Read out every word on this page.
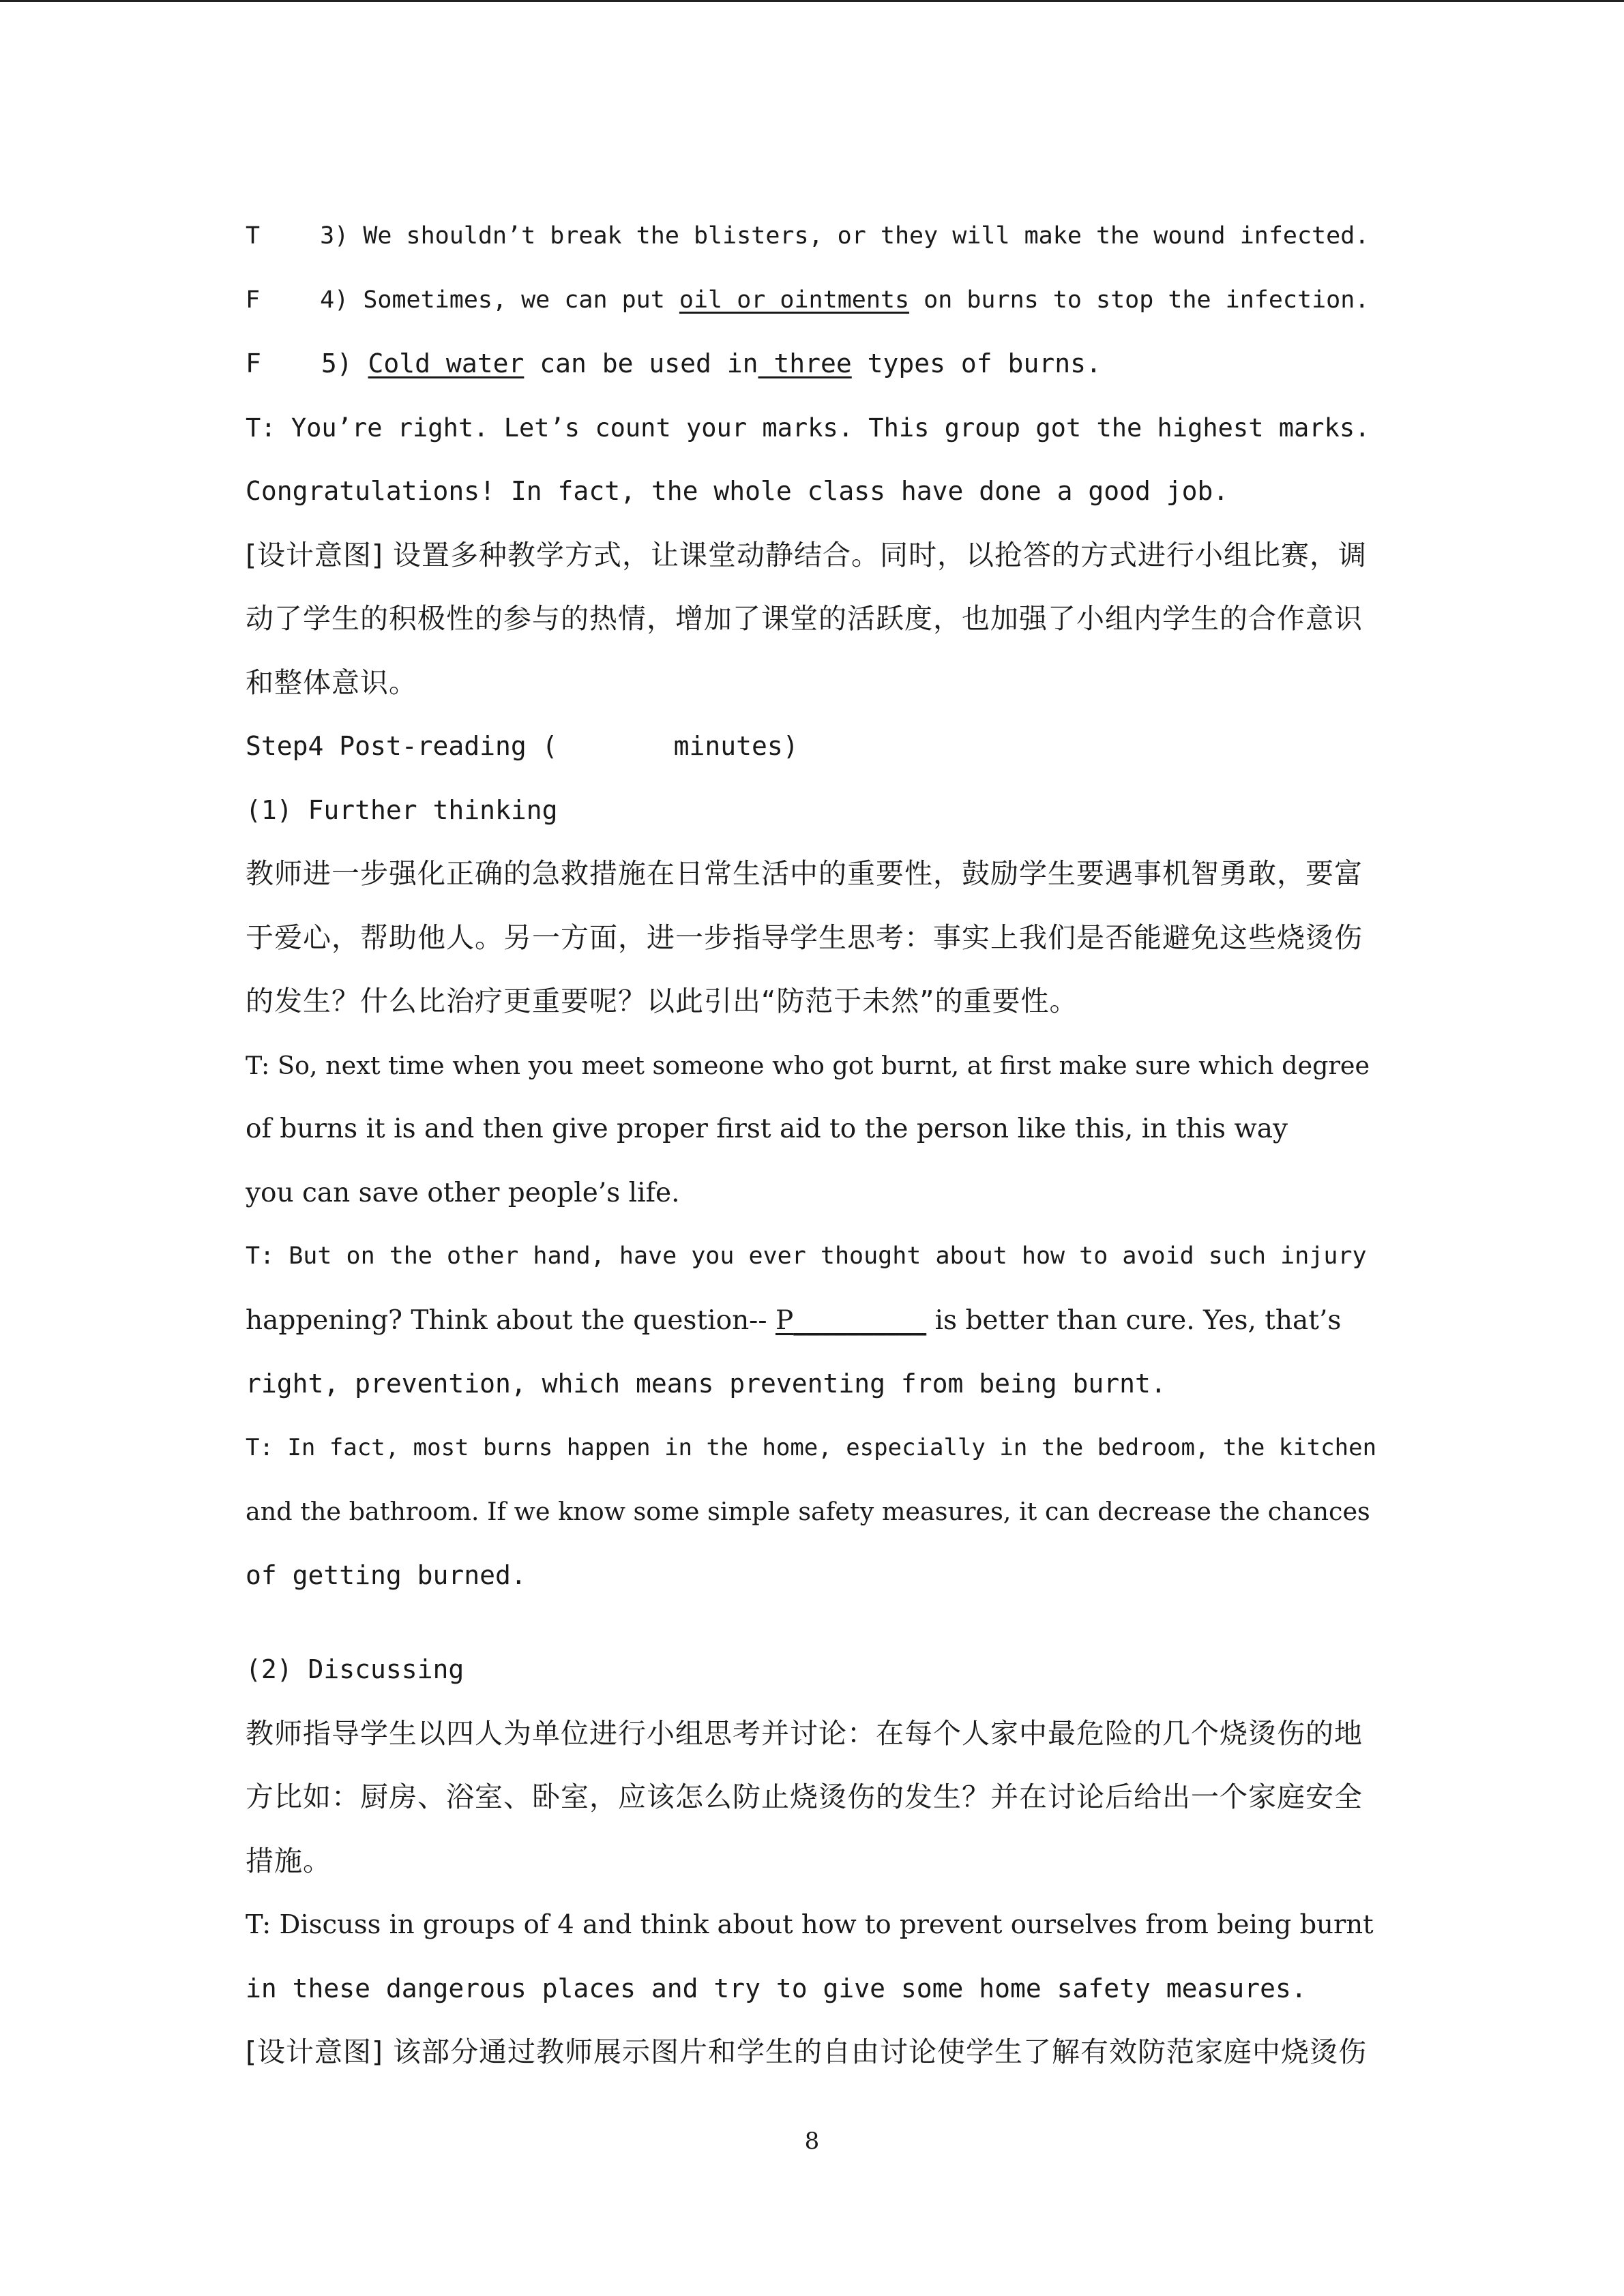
T	3) We shouldn’t break the blisters, or they will make the wound infected.
F	4) Sometimes, we can put oil or ointments on burns to stop the infection.
F 5) Cold water can be used in three types of burns.
T: You’re right. Let’s count your marks. This group got the highest marks.
Congratulations! In fact, the whole class have done a good job.
[设计意图] 设置多种教学方式，让课堂动静结合。同时，以抢答的方式进行小组比赛，调
动了学生的积极性的参与的热情，增加了课堂的活跃度，也加强了小组内学生的合作意识
和整体意识。
Step4 Post-reading (	minutes)
(1) Further thinking
教师进一步强化正确的急救措施在日常生活中的重要性，鼓励学生要遇事机智勇敢，要富
于爱心，帮助他人。另一方面，进一步指导学生思考：事实上我们是否能避免这些烧烫伤
的发生？什么比治疗更重要呢？以此引出“防范于未然”的重要性。
T: So, next time when you meet someone who got burnt, at first make sure which degree
of burns it is and then give proper first aid to the person like this, in this way
you can save other people’s life.
T: But on the other hand, have you ever thought about how to avoid such injury
happening? Think about the question-- P__________ is better than cure. Yes, that’s
right, prevention, which means preventing from being burnt.
T: In fact, most burns happen in the home, especially in the bedroom, the kitchen
and the bathroom. If we know some simple safety measures, it can decrease the chances
of getting burned.
(2) Discussing
教师指导学生以四人为单位进行小组思考并讨论：在每个人家中最危险的几个烧烫伤的地
方比如：厨房、浴室、卧室，应该怎么防止烧烫伤的发生？并在讨论后给出一个家庭安全
措施。
T: Discuss in groups of 4 and think about how to prevent ourselves from being burnt
in these dangerous places and try to give some home safety measures.
[设计意图] 该部分通过教师展示图片和学生的自由讨论使学生了解有效防范家庭中烧烫伤
8
